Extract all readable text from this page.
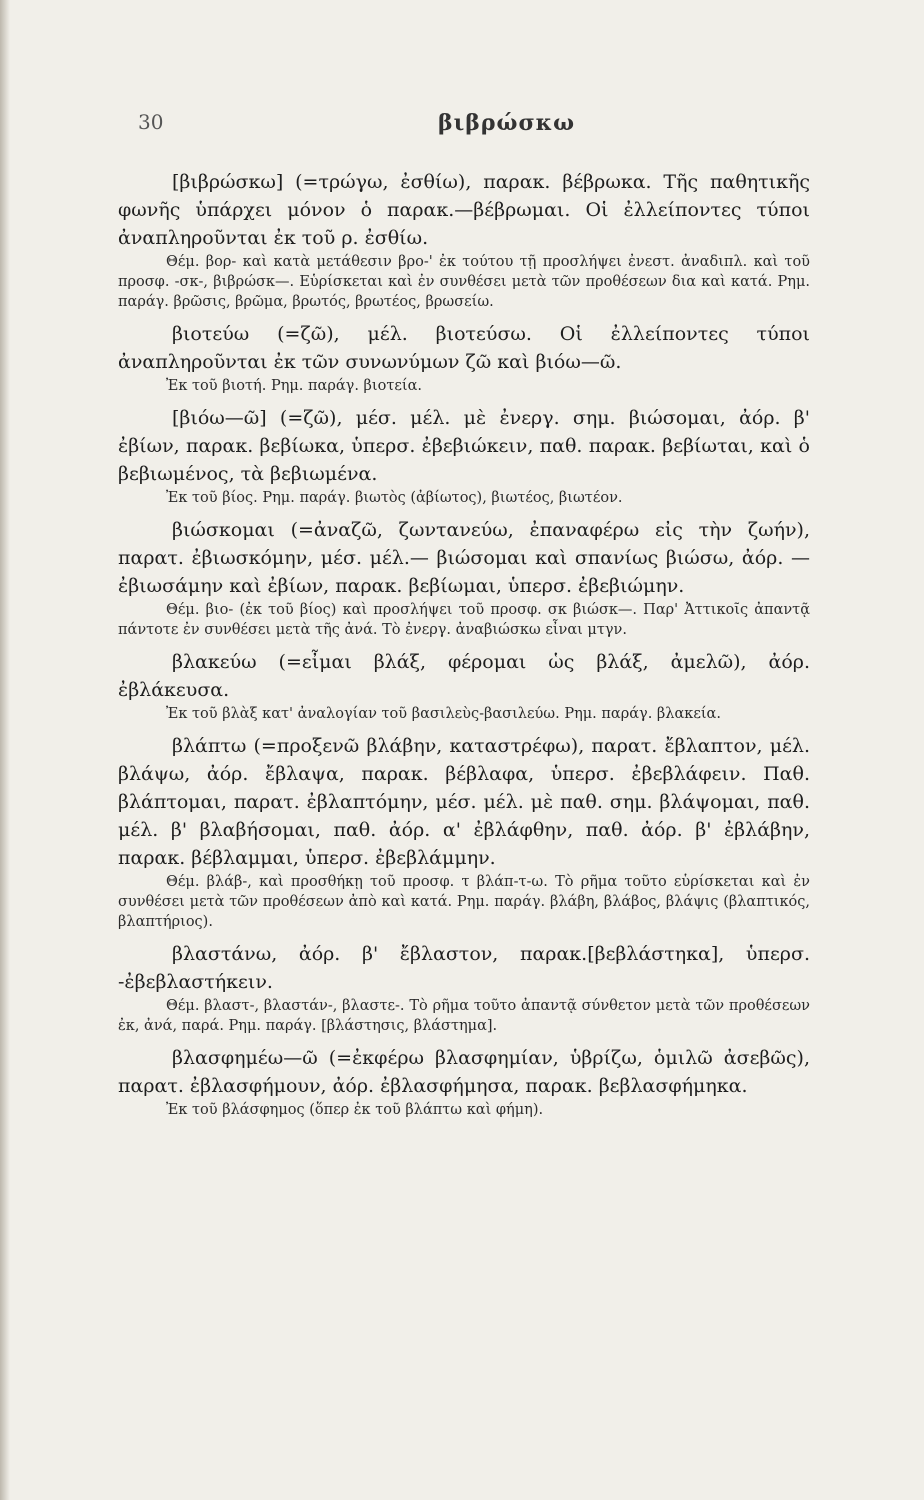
30	βιβρώσκω

[βιβρώσκω] (=τρώγω, ἐσθίω), παρακ. βέβρωκα. Τῆς παθητικῆς φωνῆς ὑπάρχει μόνον ὁ παρακ.—βέβρωμαι. Οἱ ἐλλείποντες τύποι ἀναπληροῦνται ἐκ τοῦ ρ. ἐσθίω.

Θέμ. βορ- καὶ κατὰ μετάθεσιν βρο-' ἐκ τούτου τῇ προσλήψει ἐνεστ. ἀναδιπλ. καὶ τοῦ προσφ. -σκ-, βιβρώσκ—. Εὑρίσκεται καὶ ἐν συνθέσει μετὰ τῶν προθέσεων δια καὶ κατά. Ρημ. παράγ. βρῶσις, βρῶμα, βρωτός, βρωτέος, βρωσείω.

βιοτεύω (=ζῶ), μέλ. βιοτεύσω. Οἱ ἐλλείποντες τύποι ἀναπληροῦνται ἐκ τῶν συνωνύμων ζῶ καὶ βιόω—ῶ.

Ἐκ τοῦ βιοτή. Ρημ. παράγ. βιοτεία.

[βιόω—ῶ] (=ζῶ), μέσ. μέλ. μὲ ἐνεργ. σημ. βιώσομαι, ἀόρ. β' ἐβίων, παρακ. βεβίωκα, ὑπερσ. ἐβεβιώκειν, παθ. παρακ. βεβίωται, καὶ ὁ βεβιωμένος, τὰ βεβιωμένα.

Ἐκ τοῦ βίος. Ρημ. παράγ. βιωτὸς (ἀβίωτος), βιωτέος, βιωτέον.

βιώσκομαι (=ἀναζῶ, ζωντανεύω, ἐπαναφέρω εἰς τὴν ζωήν), παρατ. ἐβιωσκόμην, μέσ. μέλ.— βιώσομαι καὶ σπανίως βιώσω, ἀόρ. —ἐβιωσάμην καὶ ἐβίων, παρακ. βεβίωμαι, ὑπερσ. ἐβεβιώμην.

Θέμ. βιο- (ἐκ τοῦ βίος) καὶ προσλήψει τοῦ προσφ. σκ βιώσκ—. Παρ' Ἀττικοῖς ἀπαντᾷ πάντοτε ἐν συνθέσει μετὰ τῆς ἀνά. Τὸ ἐνεργ. ἀναβιώσκω εἶναι μτγν.

βλακεύω (=εἶμαι βλάξ, φέρομαι ὡς βλάξ, ἀμελῶ), ἀόρ. ἐβλάκευσα.

Ἐκ τοῦ βλὰξ κατ' ἀναλογίαν τοῦ βασιλεὺς-βασιλεύω. Ρημ. παράγ. βλακεία.

βλάπτω (=προξενῶ βλάβην, καταστρέφω), παρατ. ἔβλαπτον, μέλ. βλάψω, ἀόρ. ἔβλαψα, παρακ. βέβλαφα, ὑπερσ. ἐβεβλάφειν. Παθ. βλάπτομαι, παρατ. ἐβλαπτόμην, μέσ. μέλ. μὲ παθ. σημ. βλάψομαι, παθ. μέλ. β' βλαβήσομαι, παθ. ἀόρ. α' ἐβλάφθην, παθ. ἀόρ. β' ἐβλάβην, παρακ. βέβλαμμαι, ὑπερσ. ἐβεβλάμμην.

Θέμ. βλάβ-, καὶ προσθήκῃ τοῦ προσφ. τ βλάπ-τ-ω. Τὸ ρῆμα τοῦτο εὑρίσκεται καὶ ἐν συνθέσει μετὰ τῶν προθέσεων ἀπὸ καὶ κατά. Ρημ. παράγ. βλάβη, βλάβος, βλάψις (βλαπτικός, βλαπτήριος).

βλαστάνω, ἀόρ. β' ἔβλαστον, παρακ.[βεβλάστηκα], ὑπερσ. -ἐβεβλαστήκειν.

Θέμ. βλαστ-, βλαστάν-, βλαστε-. Τὸ ρῆμα τοῦτο ἀπαντᾷ σύνθετον μετὰ τῶν προθέσεων ἐκ, ἀνά, παρά. Ρημ. παράγ. [βλάστησις, βλάστημα].

βλασφημέω—ῶ (=ἐκφέρω βλασφημίαν, ὑβρίζω, ὁμιλῶ ἀσεβῶς), παρατ. ἐβλασφήμουν, ἀόρ. ἐβλασφήμησα, παρακ. βεβλασφήμηκα.

Ἐκ τοῦ βλάσφημος (ὅπερ ἐκ τοῦ βλάπτω καὶ φήμη).
